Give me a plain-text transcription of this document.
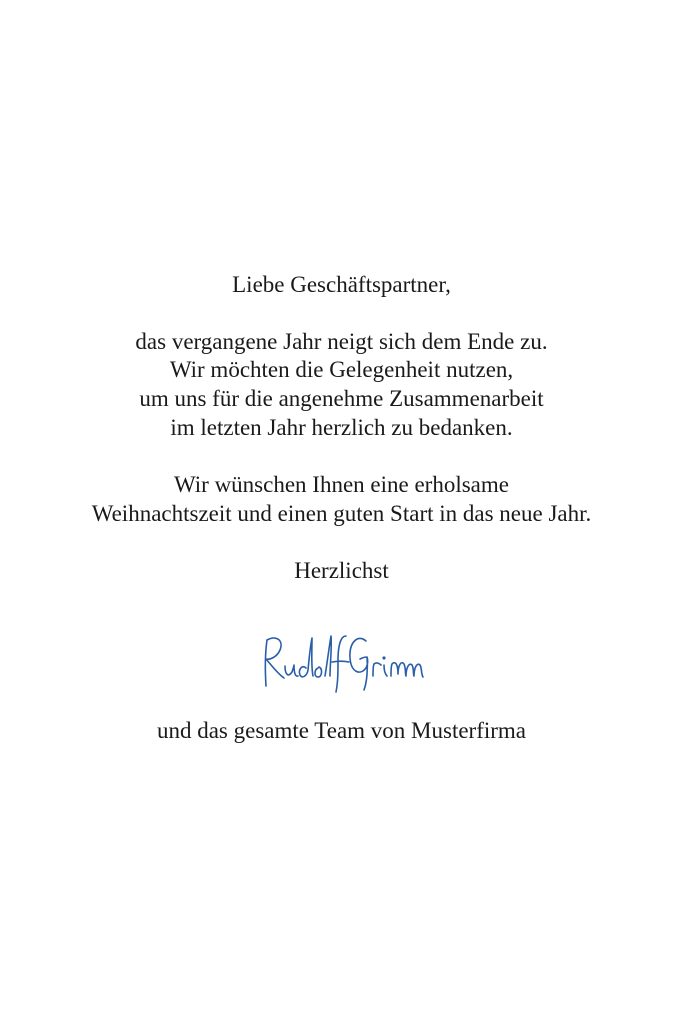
Liebe Geschäftspartner,
das vergangene Jahr neigt sich dem Ende zu.
Wir möchten die Gelegenheit nutzen,
um uns für die angenehme Zusammenarbeit
im letzten Jahr herzlich zu bedanken.
Wir wünschen Ihnen eine erholsame
Weihnachtszeit und einen guten Start in das neue Jahr.
Herzlichst
und das gesamte Team von Musterfirma
